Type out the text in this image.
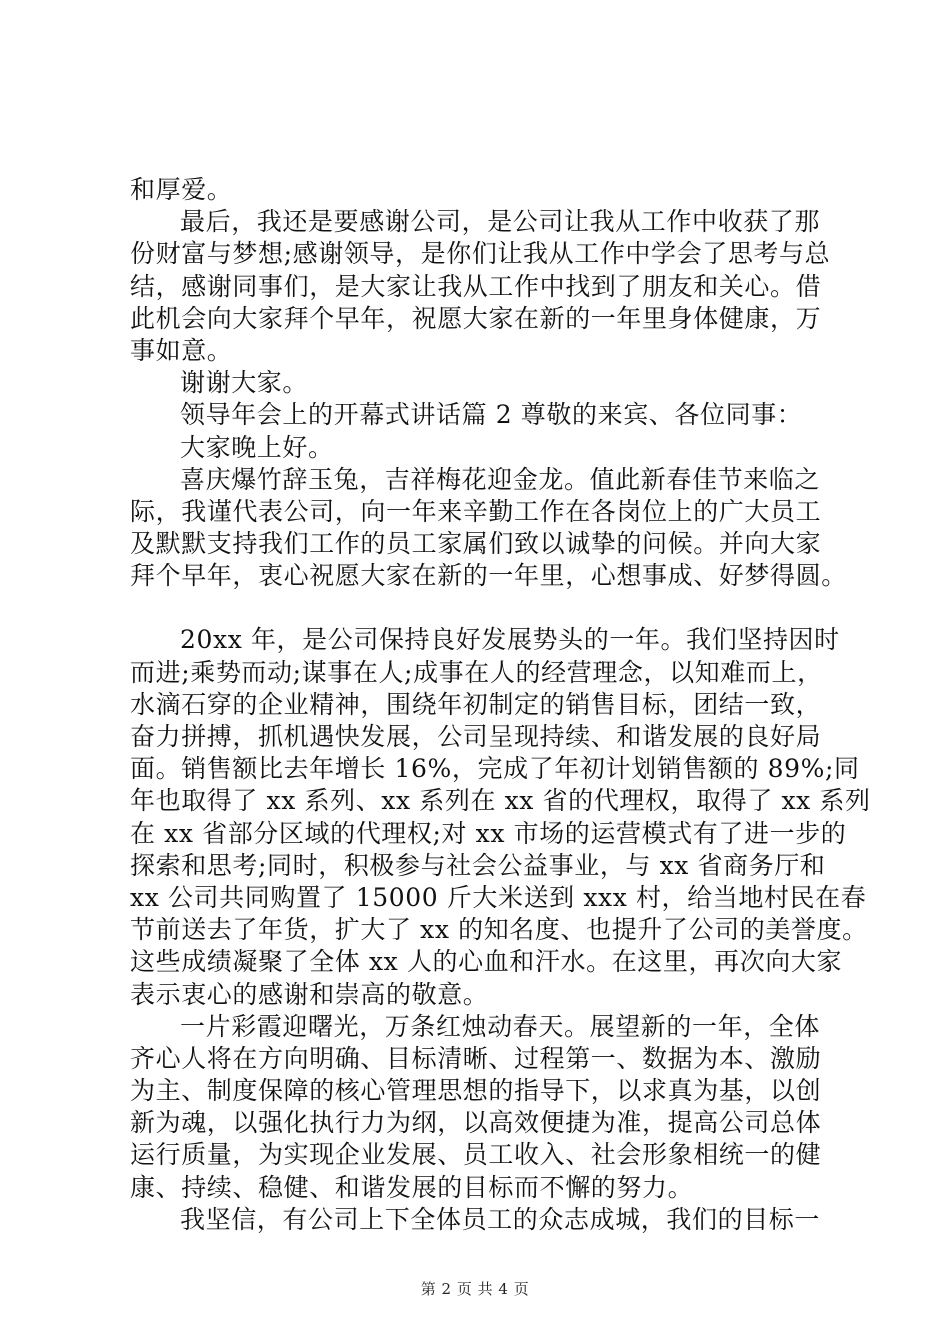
和厚爱。
最后，我还是要感谢公司，是公司让我从工作中收获了那
份财富与梦想;感谢领导，是你们让我从工作中学会了思考与总
结，感谢同事们，是大家让我从工作中找到了朋友和关心。借
此机会向大家拜个早年，祝愿大家在新的一年里身体健康，万
事如意。
谢谢大家。
领导年会上的开幕式讲话篇 2 尊敬的来宾、各位同事：
大家晚上好。
喜庆爆竹辞玉兔，吉祥梅花迎金龙。值此新春佳节来临之
际，我谨代表公司，向一年来辛勤工作在各岗位上的广大员工
及默默支持我们工作的员工家属们致以诚挚的问候。并向大家
拜个早年，衷心祝愿大家在新的一年里，心想事成、好梦得圆。
20xx 年，是公司保持良好发展势头的一年。我们坚持因时
而进;乘势而动;谋事在人;成事在人的经营理念，以知难而上，
水滴石穿的企业精神，围绕年初制定的销售目标，团结一致，
奋力拼搏，抓机遇快发展，公司呈现持续、和谐发展的良好局
面。销售额比去年增长 16%，完成了年初计划销售额的 89%;同
年也取得了 xx 系列、xx 系列在 xx 省的代理权，取得了 xx 系列
在 xx 省部分区域的代理权;对 xx 市场的运营模式有了进一步的
探索和思考;同时，积极参与社会公益事业，与 xx 省商务厅和
xx 公司共同购置了 15000 斤大米送到 xxx 村，给当地村民在春
节前送去了年货，扩大了 xx 的知名度、也提升了公司的美誉度。
这些成绩凝聚了全体 xx 人的心血和汗水。在这里，再次向大家
表示衷心的感谢和崇高的敬意。
一片彩霞迎曙光，万条红烛动春天。展望新的一年，全体
齐心人将在方向明确、目标清晰、过程第一、数据为本、激励
为主、制度保障的核心管理思想的指导下，以求真为基，以创
新为魂，以强化执行力为纲，以高效便捷为准，提高公司总体
运行质量，为实现企业发展、员工收入、社会形象相统一的健
康、持续、稳健、和谐发展的目标而不懈的努力。
我坚信，有公司上下全体员工的众志成城，我们的目标一
第 2 页 共 4 页
